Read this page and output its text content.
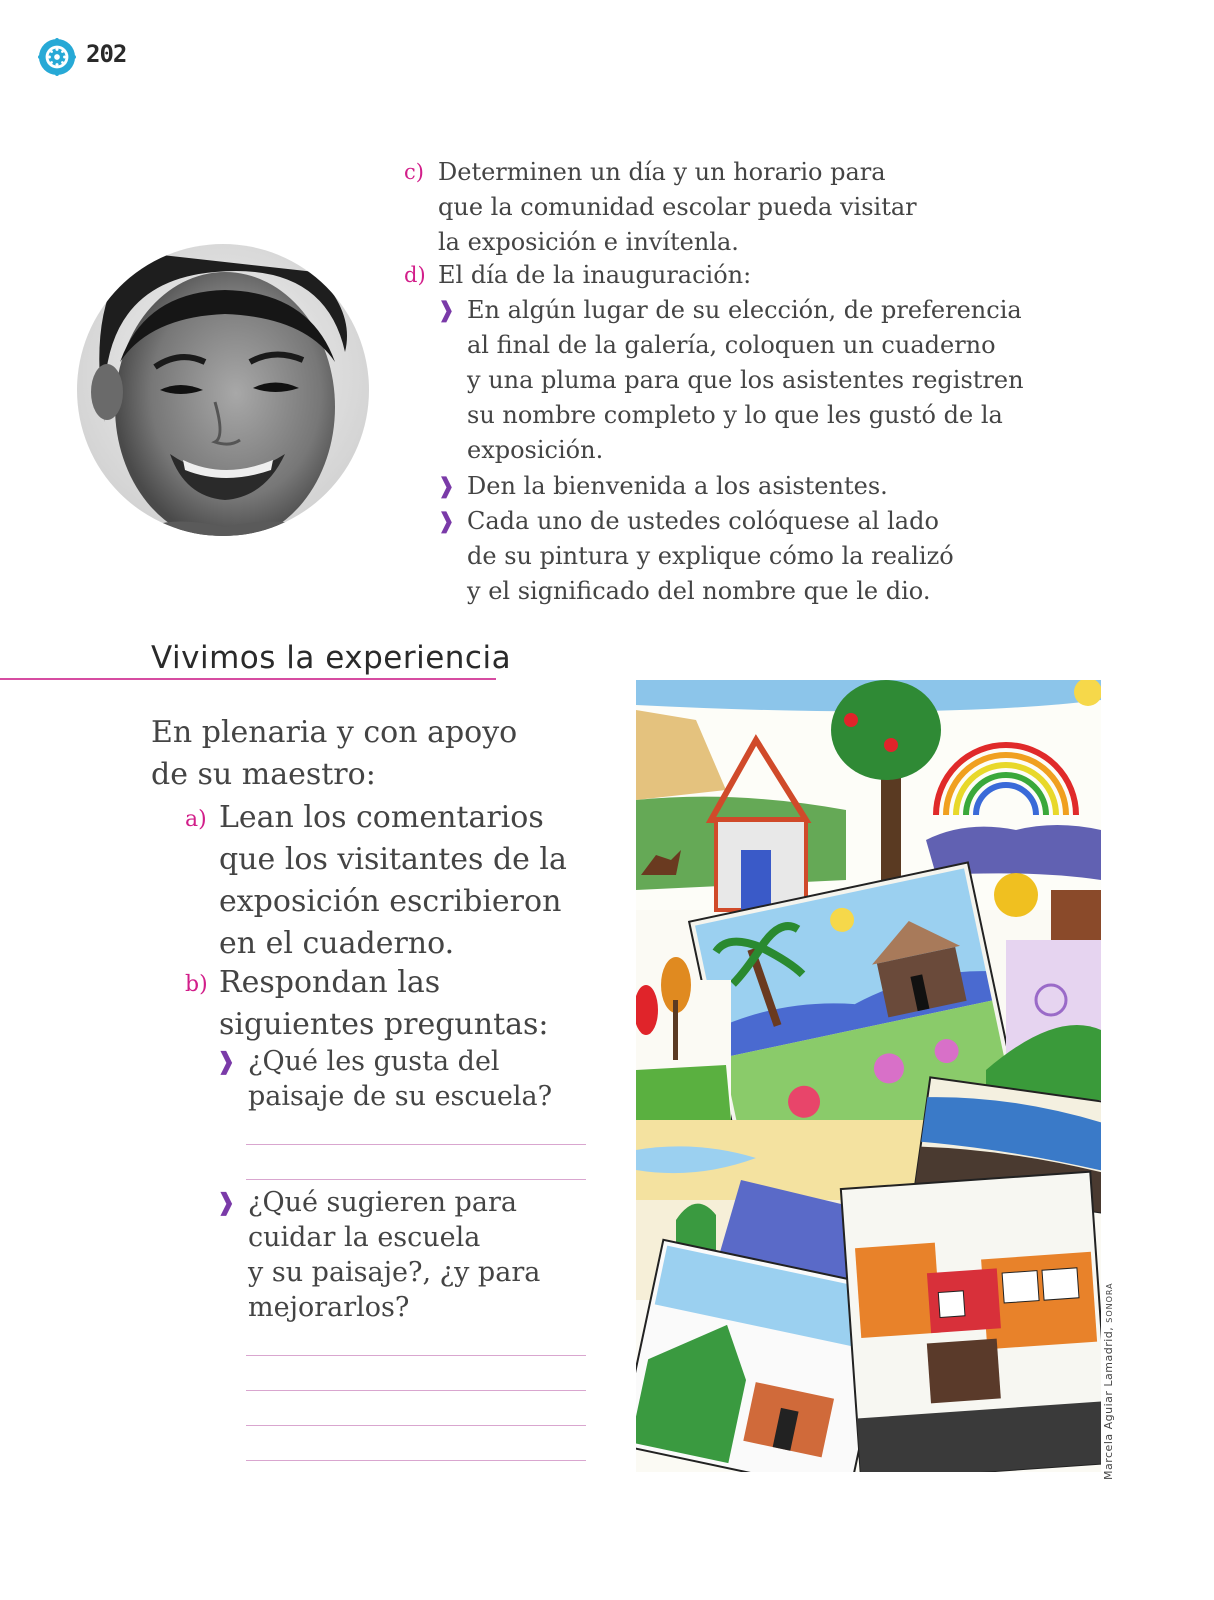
202
c) Determinen un día y un horario para
que la comunidad escolar pueda visitar
la exposición e invítenla.
d) El día de la inauguración:
❱ En algún lugar de su elección, de preferencia
al final de la galería, coloquen un cuaderno
y una pluma para que los asistentes registren
su nombre completo y lo que les gustó de la
exposición.
❱ Den la bienvenida a los asistentes.
❱ Cada uno de ustedes colóquese al lado
de su pintura y explique cómo la realizó
y el significado del nombre que le dio.
Vivimos la experiencia
En plenaria y con apoyo
de su maestro:
a) Lean los comentarios
que los visitantes de la
exposición escribieron
en el cuaderno.
b) Respondan las
siguientes preguntas:
❱ ¿Qué les gusta del
paisaje de su escuela?
❱ ¿Qué sugieren para
cuidar la escuela
y su paisaje?, ¿y para
mejorarlos?
Marcela Aguiar Lamadrid, SONORA
